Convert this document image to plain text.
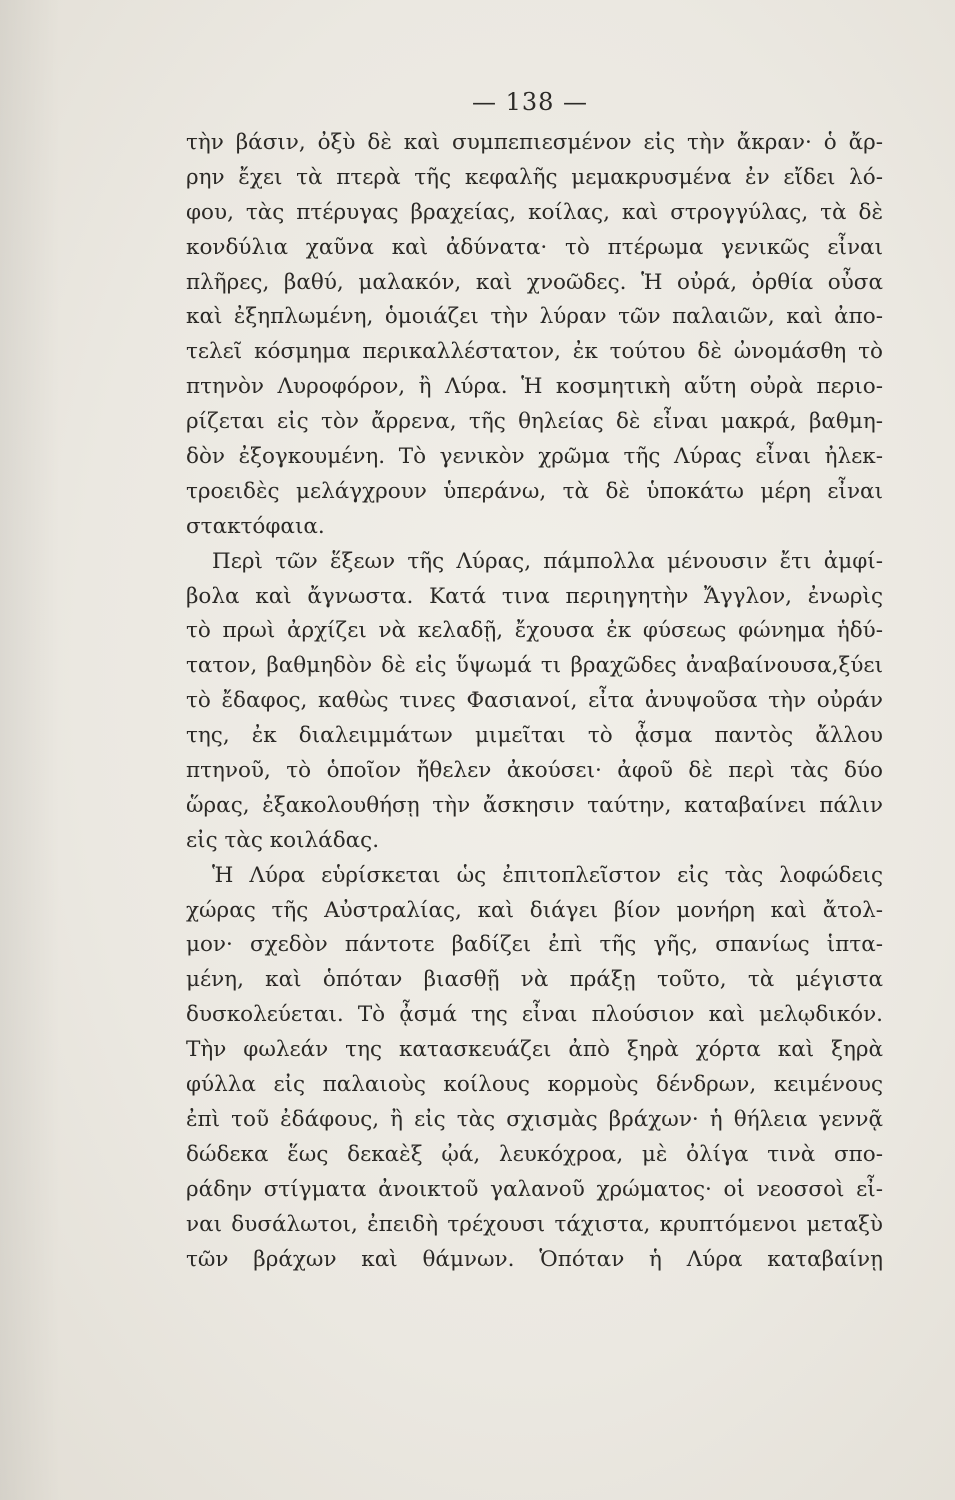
— 138 —
τὴν βάσιν, ὀξὺ δὲ καὶ συμπεπιεσμένον εἰς τὴν ἄκραν· ὁ ἄρ-
ρην ἔχει τὰ πτερὰ τῆς κεφαλῆς μεμακρυσμένα ἐν εἴδει λό-
φου, τὰς πτέρυγας βραχείας, κοίλας, καὶ στρογγύλας, τὰ δὲ
κονδύλια χαῦνα καὶ ἀδύνατα· τὸ πτέρωμα γενικῶς εἶναι
πλῆρες, βαθύ, μαλακόν, καὶ χνοῶδες. Ἡ οὐρά, ὀρθία οὖσα
καὶ ἐξηπλωμένη, ὁμοιάζει τὴν λύραν τῶν παλαιῶν, καὶ ἀπο-
τελεῖ κόσμημα περικαλλέστατον, ἐκ τούτου δὲ ὠνομάσθη τὸ
πτηνὸν Λυροφόρον, ἢ Λύρα. Ἡ κοσμητικὴ αὕτη οὐρὰ περιο-
ρίζεται εἰς τὸν ἄρρενα, τῆς θηλείας δὲ εἶναι μακρά, βαθμη-
δὸν ἐξογκουμένη. Τὸ γενικὸν χρῶμα τῆς Λύρας εἶναι ἠλεκ-
τροειδὲς μελάγχρουν ὑπεράνω, τὰ δὲ ὑποκάτω μέρη εἶναι
στακτόφαια.
Περὶ τῶν ἕξεων τῆς Λύρας, πάμπολλα μένουσιν ἔτι ἀμφί-
βολα καὶ ἄγνωστα. Κατά τινα περιηγητὴν Ἄγγλον, ἐνωρὶς
τὸ πρωὶ ἀρχίζει νὰ κελαδῇ, ἔχουσα ἐκ φύσεως φώνημα ἡδύ-
τατον, βαθμηδὸν δὲ εἰς ὕψωμά τι βραχῶδες ἀναβαίνουσα,ξύει
τὸ ἔδαφος, καθὼς τινες Φασιανοί, εἶτα ἀνυψοῦσα τὴν οὐράν
της, ἐκ διαλειμμάτων μιμεῖται τὸ ᾆσμα παντὸς ἄλλου
πτηνοῦ, τὸ ὁποῖον ἤθελεν ἀκούσει· ἀφοῦ δὲ περὶ τὰς δύο
ὥρας, ἐξακολουθήσῃ τὴν ἄσκησιν ταύτην, καταβαίνει πάλιν
εἰς τὰς κοιλάδας.
Ἡ Λύρα εὑρίσκεται ὡς ἐπιτοπλεῖστον εἰς τὰς λοφώδεις
χώρας τῆς Αὐστραλίας, καὶ διάγει βίον μονήρη καὶ ἄτολ-
μον· σχεδὸν πάντοτε βαδίζει ἐπὶ τῆς γῆς, σπανίως ἱπτα-
μένη, καὶ ὁπόταν βιασθῇ νὰ πράξῃ τοῦτο, τὰ μέγιστα
δυσκολεύεται. Τὸ ᾆσμά της εἶναι πλούσιον καὶ μελῳδικόν.
Τὴν φωλεάν της κατασκευάζει ἀπὸ ξηρὰ χόρτα καὶ ξηρὰ
φύλλα εἰς παλαιοὺς κοίλους κορμοὺς δένδρων, κειμένους
ἐπὶ τοῦ ἐδάφους, ἢ εἰς τὰς σχισμὰς βράχων· ἡ θήλεια γεννᾷ
δώδεκα ἕως δεκαὲξ ᾠά, λευκόχροα, μὲ ὀλίγα τινὰ σπο-
ράδην στίγματα ἀνοικτοῦ γαλανοῦ χρώματος· οἱ νεοσσοὶ εἶ-
ναι δυσάλωτοι, ἐπειδὴ τρέχουσι τάχιστα, κρυπτόμενοι μεταξὺ
τῶν βράχων καὶ θάμνων. Ὁπόταν ἡ Λύρα καταβαίνῃ
